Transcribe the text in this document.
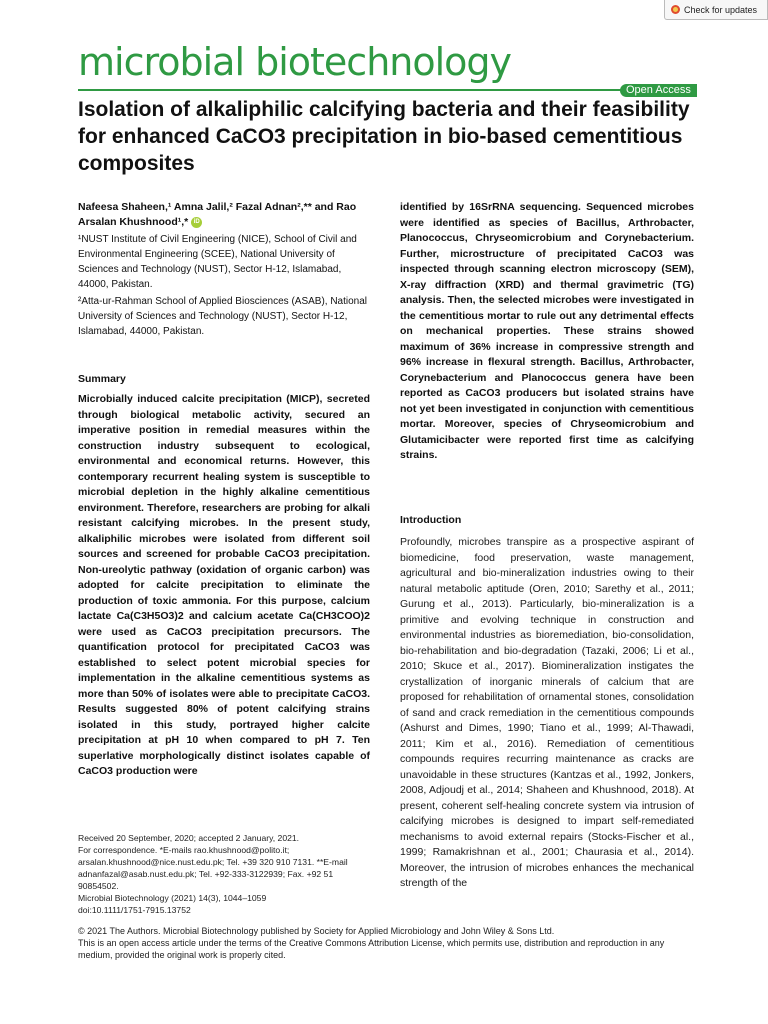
Check for updates
microbial biotechnology
Open Access
Isolation of alkaliphilic calcifying bacteria and their feasibility for enhanced CaCO3 precipitation in bio-based cementitious composites
Nafeesa Shaheen,¹ Amna Jalil,² Fazal Adnan²,** and Rao Arsalan Khushnood¹,* iD

¹NUST Institute of Civil Engineering (NICE), School of Civil and Environmental Engineering (SCEE), National University of Sciences and Technology (NUST), Sector H-12, Islamabad, 44000, Pakistan.

²Atta-ur-Rahman School of Applied Biosciences (ASAB), National University of Sciences and Technology (NUST), Sector H-12, Islamabad, 44000, Pakistan.

Summary
Microbially induced calcite precipitation (MICP), secreted through biological metabolic activity, secured an imperative position in remedial measures within the construction industry subsequent to ecological, environmental and economical returns. However, this contemporary recurrent healing system is susceptible to microbial depletion in the highly alkaline cementitious environment. Therefore, researchers are probing for alkali resistant calcifying microbes. In the present study, alkaliphilic microbes were isolated from different soil sources and screened for probable CaCO3 precipitation. Non-ureolytic pathway (oxidation of organic carbon) was adopted for calcite precipitation to eliminate the production of toxic ammonia. For this purpose, calcium lactate Ca(C3H5O3)2 and calcium acetate Ca(CH3COO)2 were used as CaCO3 precipitation precursors. The quantification protocol for precipitated CaCO3 was established to select potent microbial species for implementation in the alkaline cementitious systems as more than 50% of isolates were able to precipitate CaCO3. Results suggested 80% of potent calcifying strains isolated in this study, portrayed higher calcite precipitation at pH 10 when compared to pH 7. Ten superlative morphologically distinct isolates capable of CaCO3 production were

Received 20 September, 2020; accepted 2 January, 2021.

For correspondence. *E-mails rao.khushnood@polito.it; arsalan.khushnood@nice.nust.edu.pk; Tel. +39 320 910 7131. **E-mail adnanfazal@asab.nust.edu.pk; Tel. +92-333-3122939; Fax. +92 51 90854502.

Microbial Biotechnology (2021) 14(3), 1044–1059

doi:10.1111/1751-7915.13752

identified by 16SrRNA sequencing. Sequenced microbes were identified as species of Bacillus, Arthrobacter, Planococcus, Chryseomicrobium and Corynebacterium. Further, microstructure of precipitated CaCO3 was inspected through scanning electron microscopy (SEM), X-ray diffraction (XRD) and thermal gravimetric (TG) analysis. Then, the selected microbes were investigated in the cementitious mortar to rule out any detrimental effects on mechanical properties. These strains showed maximum of 36% increase in compressive strength and 96% increase in flexural strength. Bacillus, Arthrobacter, Corynebacterium and Planococcus genera have been reported as CaCO3 producers but isolated strains have not yet been investigated in conjunction with cementitious mortar. Moreover, species of Chryseomicrobium and Glutamicibacter were reported first time as calcifying strains.
Introduction
Profoundly, microbes transpire as a prospective aspirant of biomedicine, food preservation, waste management, agricultural and bio-mineralization industries owing to their natural metabolic aptitude (Oren, 2010; Sarethy et al., 2011; Gurung et al., 2013). Particularly, bio-mineralization is a primitive and evolving technique in construction and environmental industries as bioremediation, bio-consolidation, bio-rehabilitation and bio-degradation (Tazaki, 2006; Li et al., 2010; Skuce et al., 2017). Biomineralization instigates the crystallization of inorganic minerals of calcium that are proposed for rehabilitation of ornamental stones, consolidation of sand and crack remediation in the cementitious compounds (Ashurst and Dimes, 1990; Tiano et al., 1999; Al-Thawadi, 2011; Kim et al., 2016). Remediation of cementitious compounds requires recurring maintenance as cracks are unavoidable in these structures (Kantzas et al., 1992, Jonkers, 2008, Adjoudj et al., 2014; Shaheen and Khushnood, 2018). At present, coherent self-healing concrete system via intrusion of calcifying microbes is designed to impart self-remediated mechanisms to avoid external repairs (Stocks-Fischer et al., 1999; Ramakrishnan et al., 2001; Chaurasia et al., 2014). Moreover, the intrusion of microbes enhances the mechanical strength of the

© 2021 The Authors. Microbial Biotechnology published by Society for Applied Microbiology and John Wiley & Sons Ltd.

This is an open access article under the terms of the Creative Commons Attribution License, which permits use, distribution and reproduction in any medium, provided the original work is properly cited.
